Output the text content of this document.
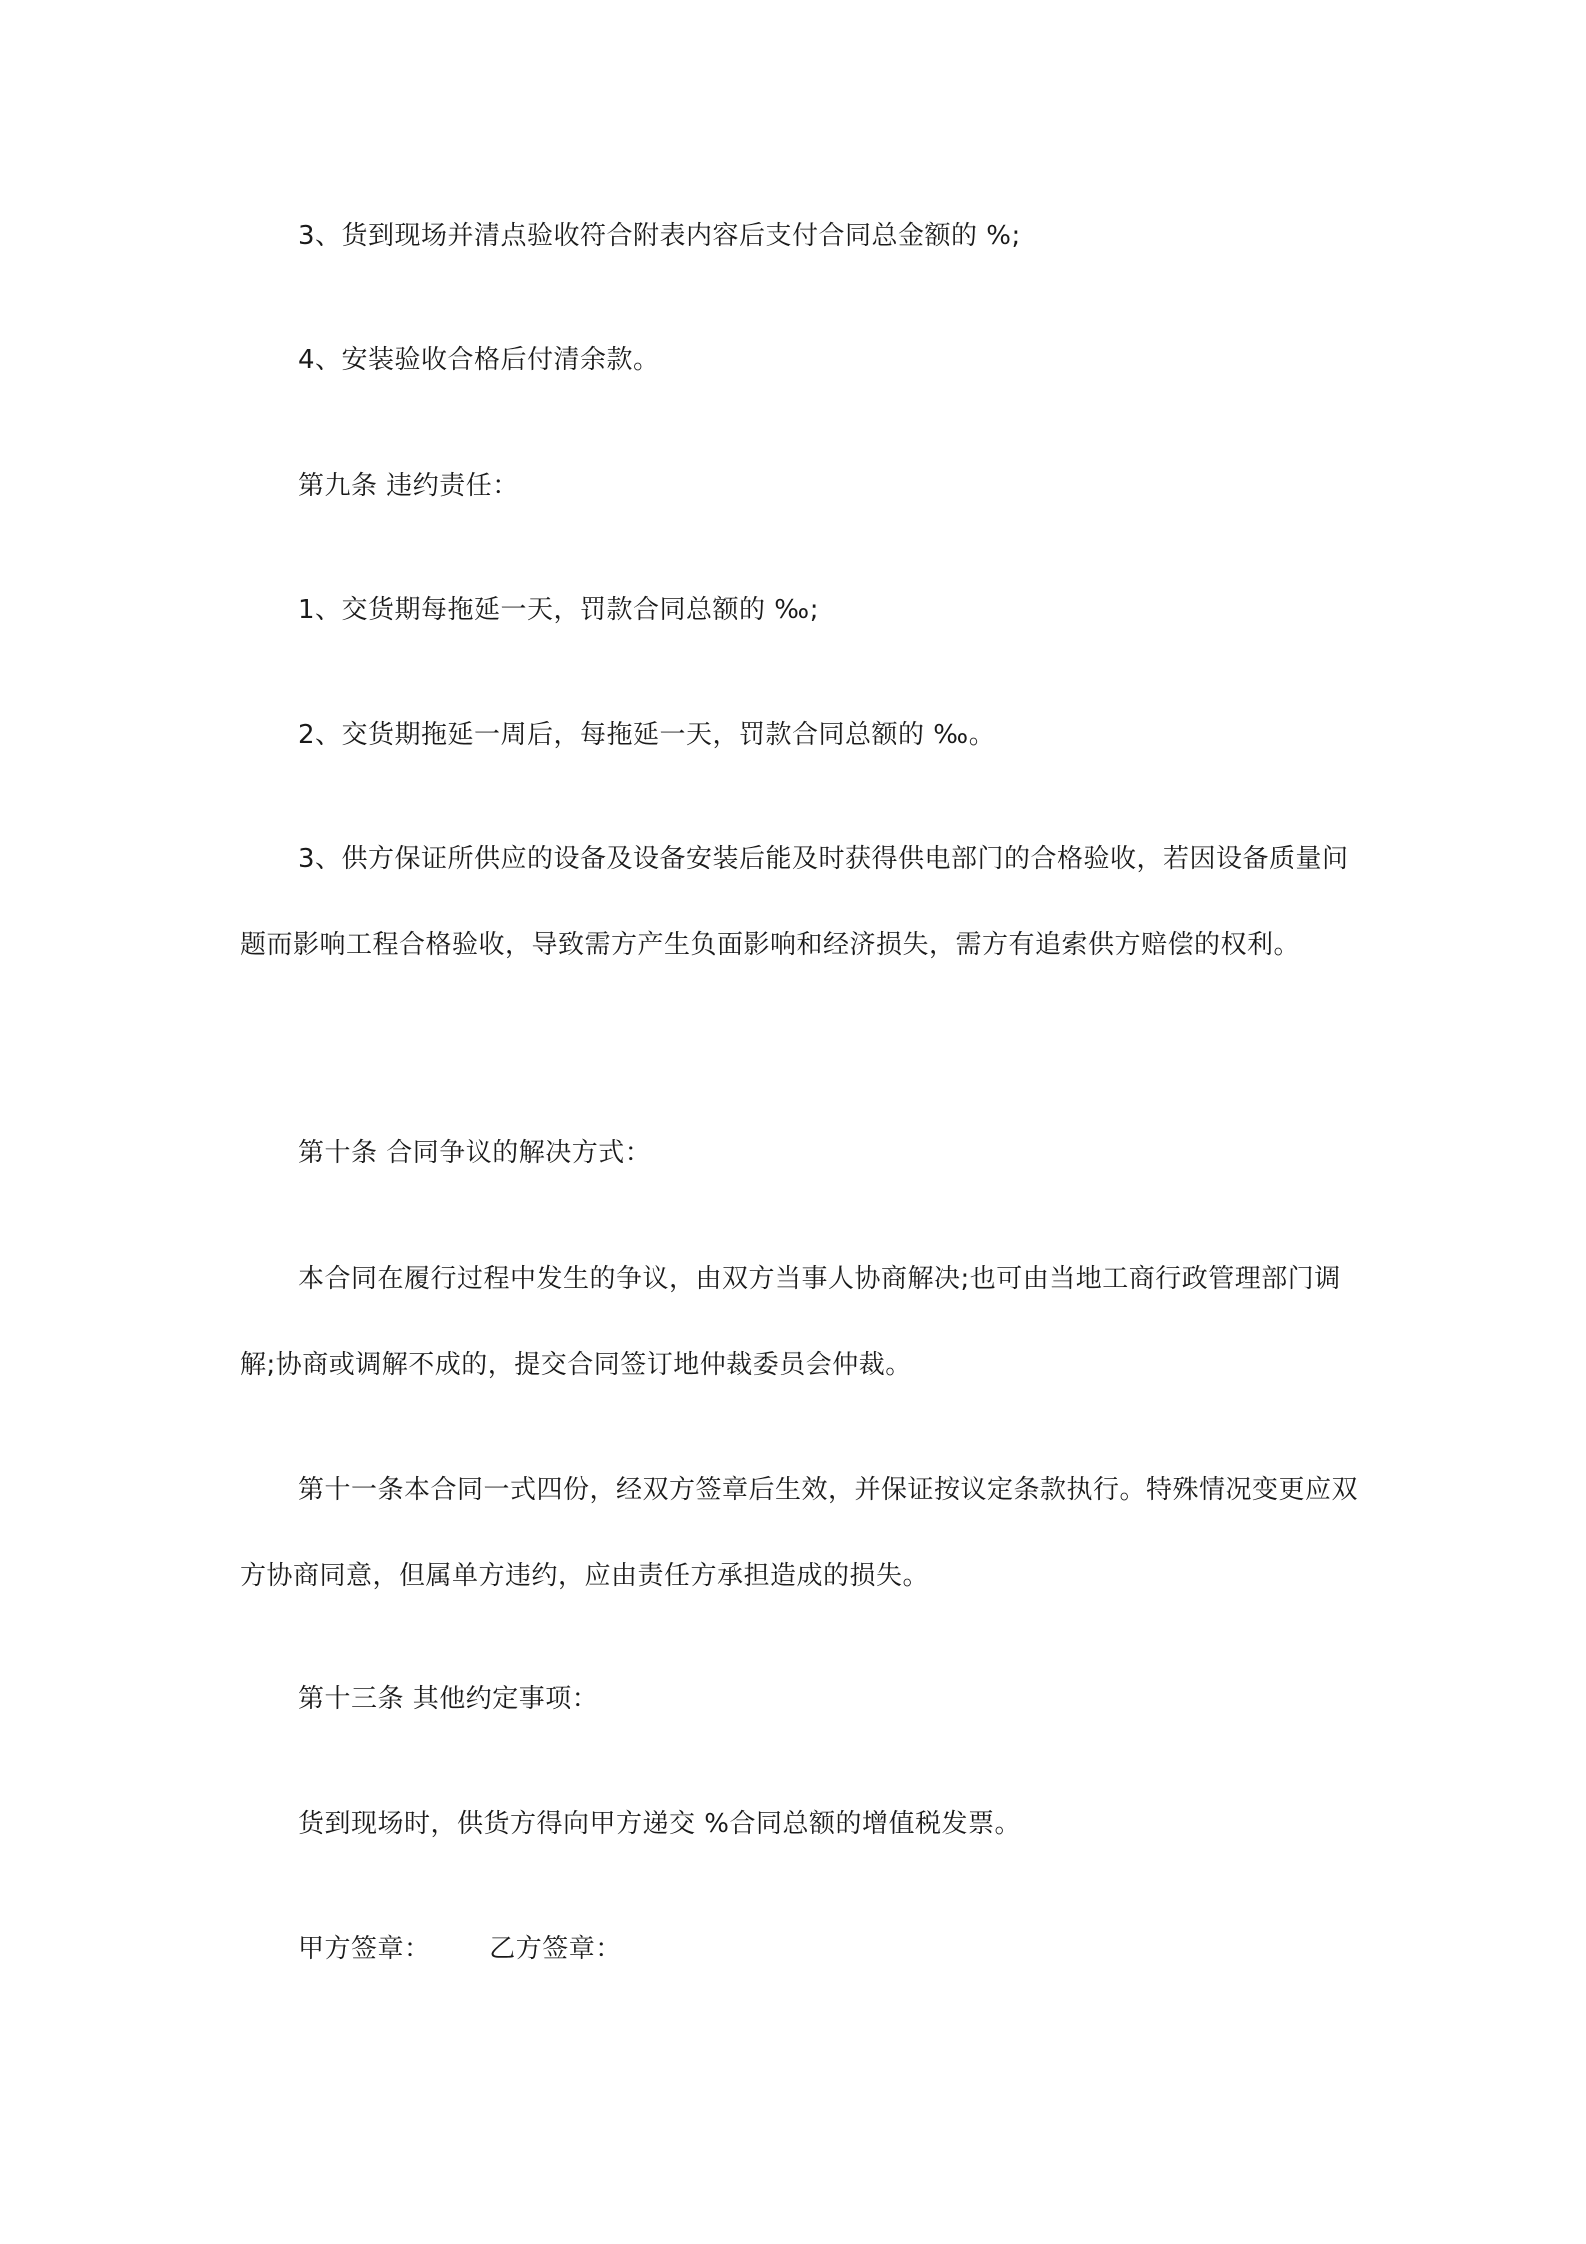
3、货到现场并清点验收符合附表内容后支付合同总金额的 %;
4、安装验收合格后付清余款。
第九条 违约责任：
1、交货期每拖延一天，罚款合同总额的 ‰;
2、交货期拖延一周后，每拖延一天，罚款合同总额的 ‰。
3、供方保证所供应的设备及设备安装后能及时获得供电部门的合格验收，若因设备质量问题而影响工程合格验收，导致需方产生负面影响和经济损失，需方有追索供方赔偿的权利。
第十条 合同争议的解决方式：
本合同在履行过程中发生的争议，由双方当事人协商解决;也可由当地工商行政管理部门调解;协商或调解不成的，提交合同签订地仲裁委员会仲裁。
第十一条本合同一式四份，经双方签章后生效，并保证按议定条款执行。特殊情况变更应双方协商同意，但属单方违约，应由责任方承担造成的损失。
第十三条 其他约定事项：
货到现场时，供货方得向甲方递交 %合同总额的增值税发票。
甲方签章： 乙方签章：
